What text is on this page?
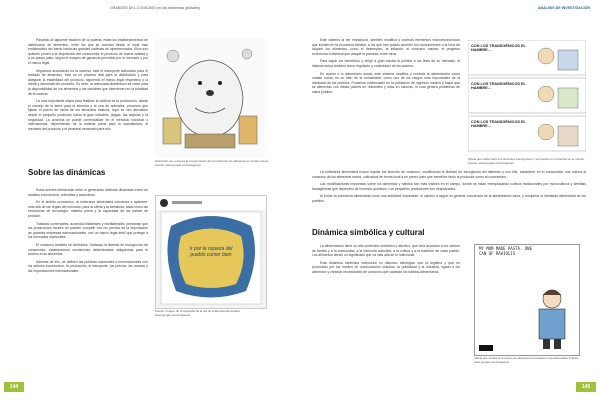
GRANDES DEL CONSUMO (en las dinámicas globales)

Pasando al siguiente eslabón de la cadena, están los establecimientos de distribución de alimentos, entre los que se cuentan desde el local más emblemático del barrio hasta las grandes cadenas de hipermercados. Ellos son quienes ponen a la disposición del consumidor el producto de buena calidad y a un precio justo, según el margen de ganancia permitido por el mercado y por el marco legal.

Seguimos avanzando en la cadena, está el transporte adecuado para el traslado de alimentos, este es un proceso vital para la distribución y para asegurar la estabilidad del producto, siguiendo el marco legal respectivo y la oferta y demanda del producto. Es decir, la adecuada distribución es clave para la disponibilidad de los alimentos y las variables que intervienen en la totalidad de la cadena.

La más importante etapa para finalizar la cadena es la producción, desde el manejo de la tierra para la siembra y la cría de animales, procesos que fijarán el precio de venta de los alimentos básicos. Aquí se ven afectados desde el pequeño productor hasta la gran industria, plagas, las sequías y la seguridad. La cosecha se puede comercializar en el mercado nacional o internacional, dependiendo de la materia prima para la manufactura, el mercado del producto y el personal necesario para ello.

Ilustración que expresa la concentración de la producción de alimentos en pocas manos. Fuente: www.google.com/imagenes
Sobre las dinámicas

Estos actores interactúan entre sí generando distintas dinámicas entre los ámbitos económicos, culturales y simbólicos.

En el ámbito económico, la soberanía alimentaria comienza a aparecer, más allá de las reglas del mercado, para la oferta y la demanda, dado como las economías de tecnología, materia prima y la capacidad de los países de producir.

Tratados comerciales, acuerdos bilaterales y multilaterales, presionan que los productores locales no pueden competir con los precios de la importación de grandes empresas transnacionales, con un marco legal débil que protege a los mercados nacionales.

El consumo también se centraliza: Visitando la libertad de escogencia del consumidor, establecemos condiciones determinadas obligatorias para el acceso a los alimentos.

Además de ello, se definen las políticas nacionales e internacionales con los actores económicos, la producción, el transporte, los precios, las marcas y las importaciones internacionales.

Ir por la riqueza del pueblo comer bien
Fuente: Imagen de la campaña de la red de soberanía alimentaria. www.google.com/imagenes
144
ANÁLISIS DE INVESTIGACIÓN

Este sistema al ser estructural, también modifica y controla elementos macroeconómicos que inciden en la economía familiar, a los que han podido acceder los consumidores a la hora de adquirir los alimentos, como el desempleo, la inflación, el consumo masivo, el progreso económico individual que ataque la pobreza, entre otros.

Para lograr los beneficios y dirigir a gran escala la política a los fines de su mercado, el sistema actúa también como regulador y controlador de los actores.

En cuanto a lo alimentario social, este sistema modifica y controla la alimentación como unidad social, es un bien de la humanidad, como uno de los rasgos más importantes de la identidad de los pueblos. Podemos evidenciarlo en la población de ingresos medios y bajos que se alimentan con dietas pobres en nutrientes y ricas en calorías, lo cual genera problemas de salud pública.

CON LOS TRANSGÉNICOS EL HAMBRE...
CON LOS TRANSGÉNICOS EL HAMBRE...
CON LOS TRANSGÉNICOS EL HAMBRE...
Viñeta que habla sobre los alimentos transgénicos y su impacto en el hambre en el mundo. Fuente: www.google.com/imagenes

La soberanía alimentaria busca regular los factores de consumo, modificando la libertad de escogencia del alimento y con ello, establecer en el consumidor una cultura al consumo de los alimentos sanos, cultivados de forma local a un precio justo que beneficie tanto al productor como al consumidor.

Las modificaciones impuestas sobre los alimentos y hábitos son más visibles en el campo, donde se están reemplazando cultivos tradicionales por monocultivos y semillas transgénicas que dependen de insumos químicos. Los pequeños productores son desplazados.

Al tomar la soberanía alimentaria como una actividad importante, el camino a seguir es generar conciencia de la alimentación sana, y recuperar la identidad alimentaria de los pueblos.

Dinámica simbólica y cultural

La alimentación tiene un alto contenido simbólico y afectivo, que está asociado a los valores de familia y a la comunidad, a la memoria colectiva, a la cultura y a la tradición de cada pueblo. Los alimentos tienen un significado que va más allá de lo nutricional.

Esta dinámica simbólica estructura un discurso ideológico que la legitima y que es promovido por los medios de comunicación masivos, la publicidad y la industria, ligado a los alimentos y creando necesidades de consumo que cambian los hábitos alimentarios.

MY MOM MADE PASTA. ONE CAN OF RAVIOLIS
Viñeta que retrata el consumo de alimentos procesados en la dieta diaria. Fuente: www.google.com/imagenes
145
